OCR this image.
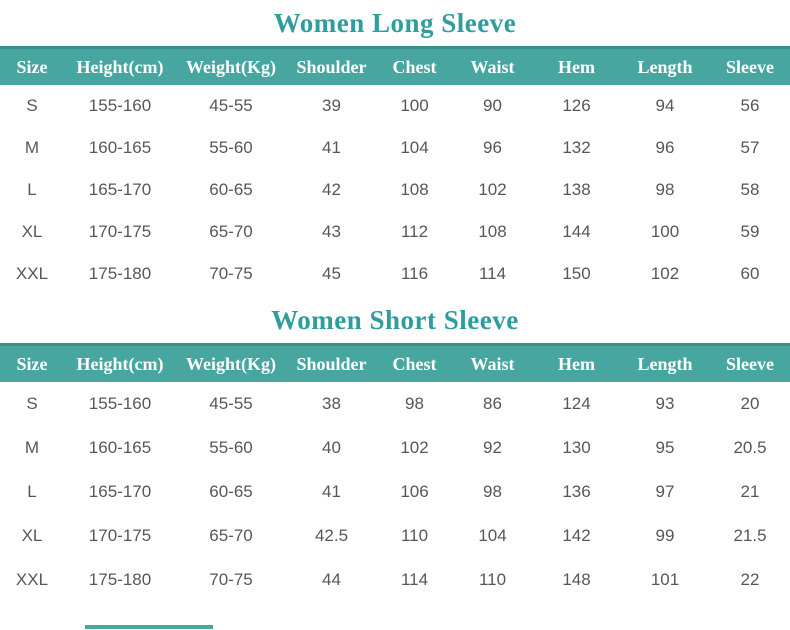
Women Long Sleeve
Size	Height(cm)	Weight(Kg)	Shoulder	Chest	Waist	Hem	Length	Sleeve
S	155-160	45-55	39	100	90	126	94	56
M	160-165	55-60	41	104	96	132	96	57
L	165-170	60-65	42	108	102	138	98	58
XL	170-175	65-70	43	112	108	144	100	59
XXL	175-180	70-75	45	116	114	150	102	60
Women Short Sleeve
Size	Height(cm)	Weight(Kg)	Shoulder	Chest	Waist	Hem	Length	Sleeve
S	155-160	45-55	38	98	86	124	93	20
M	160-165	55-60	40	102	92	130	95	20.5
L	165-170	60-65	41	106	98	136	97	21
XL	170-175	65-70	42.5	110	104	142	99	21.5
XXL	175-180	70-75	44	114	110	148	101	22
